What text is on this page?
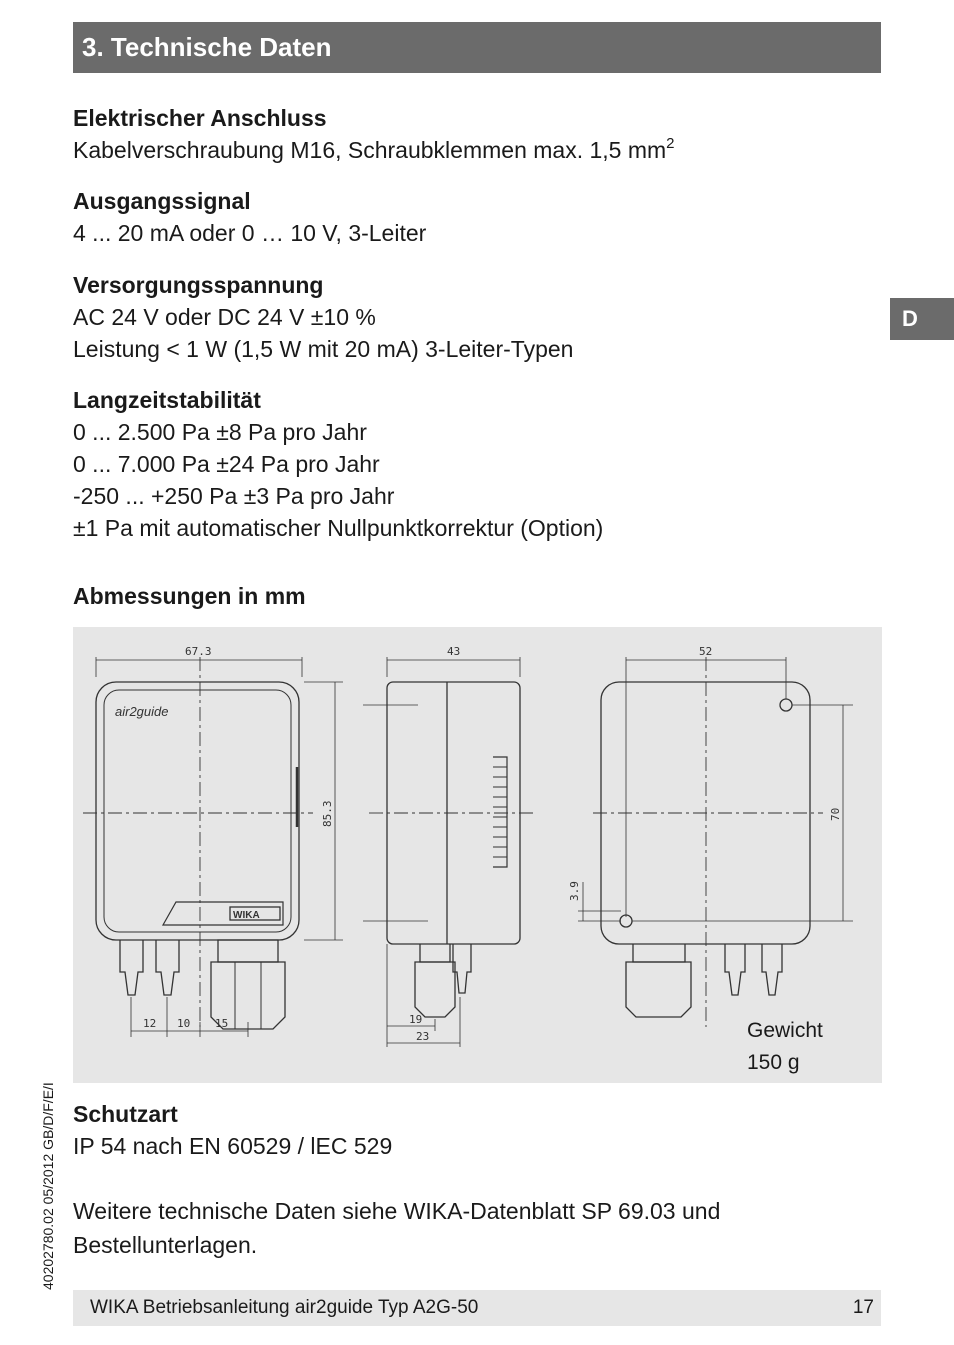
3. Technische Daten
D
Elektrischer Anschluss
Kabelverschraubung M16, Schraubklemmen max. 1,5 $mm^2$
Ausgangssignal
4 ... 20 mA oder 0 … 10 V, 3-Leiter
Versorgungsspannung
AC 24 V oder DC 24 V ±10 %
Leistung < 1 W (1,5 W mit 20 mA) 3-Leiter-Typen
Langzeitstabilität
0 ... 2.500 Pa ±8 Pa pro Jahr
0 ... 7.000 Pa ±24 Pa pro Jahr
-250 ... +250 Pa ±3 Pa pro Jahr
±1 Pa mit automatischer Nullpunktkorrektur (Option)
Abmessungen in mm
67.3
85.3
43	52
70
3.9
12 10 15	19
23
air2guide
WIKA
Gewicht
150 g
Schutzart
IP 54 nach EN 60529 / lEC 529
Weitere technische Daten siehe WIKA-Datenblatt SP 69.03 und
Bestellunterlagen.
40202780.02 05/2012 GB/D/F/E/I
WIKA Betriebsanleitung air2guide Typ A2G-50	17
